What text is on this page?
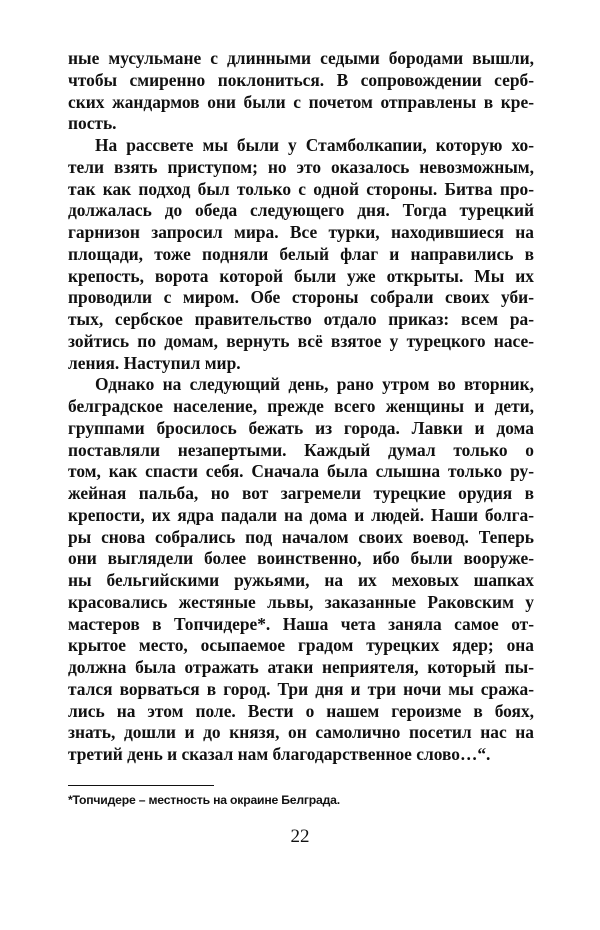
ные мусульмане с длинными седыми бородами вышли,
чтобы смиренно поклониться. В сопровождении серб-
ских жандармов они были с почетом отправлены в кре-
пость.
На рассвете мы были у Стамболкапии, которую хо-
тели взять приступом; но это оказалось невозможным,
так как подход был только с одной стороны. Битва про-
должалась до обеда следующего дня. Тогда турецкий
гарнизон запросил мира. Все турки, находившиеся на
площади, тоже подняли белый флаг и направились в
крепость, ворота которой были уже открыты. Мы их
проводили с миром. Обе стороны собрали своих уби-
тых, сербское правительство отдало приказ: всем ра-
зойтись по домам, вернуть всё взятое у турецкого насе-
ления. Наступил мир.
Однако на следующий день, рано утром во вторник,
белградское население, прежде всего женщины и дети,
группами бросилось бежать из города. Лавки и дома
поставляли незапертыми. Каждый думал только о
том, как спасти себя. Сначала была слышна только ру-
жейная пальба, но вот загремели турецкие орудия в
крепости, их ядра падали на дома и людей. Наши болга-
ры снова собрались под началом своих воевод. Теперь
они выглядели более воинственно, ибо были вооруже-
ны бельгийскими ружьями, на их меховых шапках
красовались жестяные львы, заказанные Раковским у
мастеров в Топчидере*. Наша чета заняла самое от-
крытое место, осыпаемое градом турецких ядер; она
должна была отражать атаки неприятеля, который пы-
тался ворваться в город. Три дня и три ночи мы сража-
лись на этом поле. Вести о нашем героизме в боях,
знать, дошли и до князя, он самолично посетил нас на
третий день и сказал нам благодарственное слово…“.
*Топчидере – местность на окраине Белграда.
22
